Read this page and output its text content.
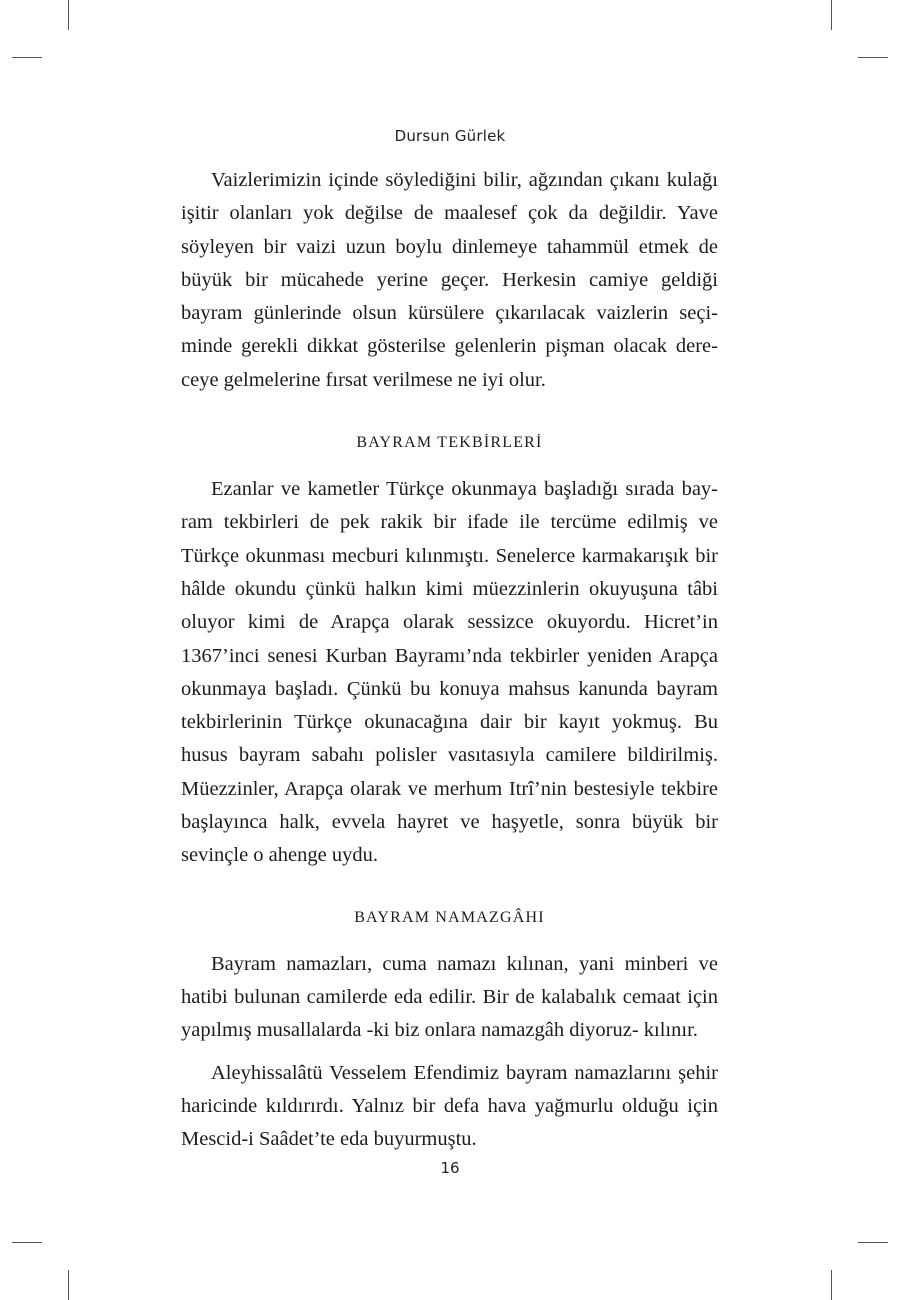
Dursun Gürlek

Vaizlerimizin içinde söylediğini bilir, ağzından çıkanı kulağı işitir olanları yok değilse de maalesef çok da değildir. Yave söyleyen bir vaizi uzun boylu dinlemeye tahammül etmek de büyük bir mücahede yerine geçer. Herkesin camiye geldiği bayram günlerinde olsun kürsülere çıkarılacak vaizlerin seçiminde gerekli dikkat gösterilse gelenlerin pişman olacak dereceye gelmelerine fırsat verilmese ne iyi olur.

BAYRAM TEKBİRLERİ

Ezanlar ve kametler Türkçe okunmaya başladığı sırada bayram tekbirleri de pek rakik bir ifade ile tercüme edilmiş ve Türkçe okunması mecburi kılınmıştı. Senelerce karmakarışık bir hâlde okundu çünkü halkın kimi müezzinlerin okuyuşuna tâbi oluyor kimi de Arapça olarak sessizce okuyordu. Hicret’in 1367’inci senesi Kurban Bayramı’nda tekbirler yeniden Arapça okunmaya başladı. Çünkü bu konuya mahsus kanunda bayram tekbirlerinin Türkçe okunacağına dair bir kayıt yokmuş. Bu husus bayram sabahı polisler vasıtasıyla camilere bildirilmiş. Müezzinler, Arapça olarak ve merhum Itrî’nin bestesiyle tekbire başlayınca halk, evvela hayret ve haşyetle, sonra büyük bir sevinçle o ahenge uydu.

BAYRAM NAMAZGÂHI

Bayram namazları, cuma namazı kılınan, yani minberi ve hatibi bulunan camilerde eda edilir. Bir de kalabalık cemaat için yapılmış musallalarda -ki biz onlara namazgâh diyoruz- kılınır.

Aleyhissalâtü Vesselem Efendimiz bayram namazlarını şehir haricinde kıldırırdı. Yalnız bir defa hava yağmurlu olduğu için Mescid-i Saâdet’te eda buyurmuştu.

16
